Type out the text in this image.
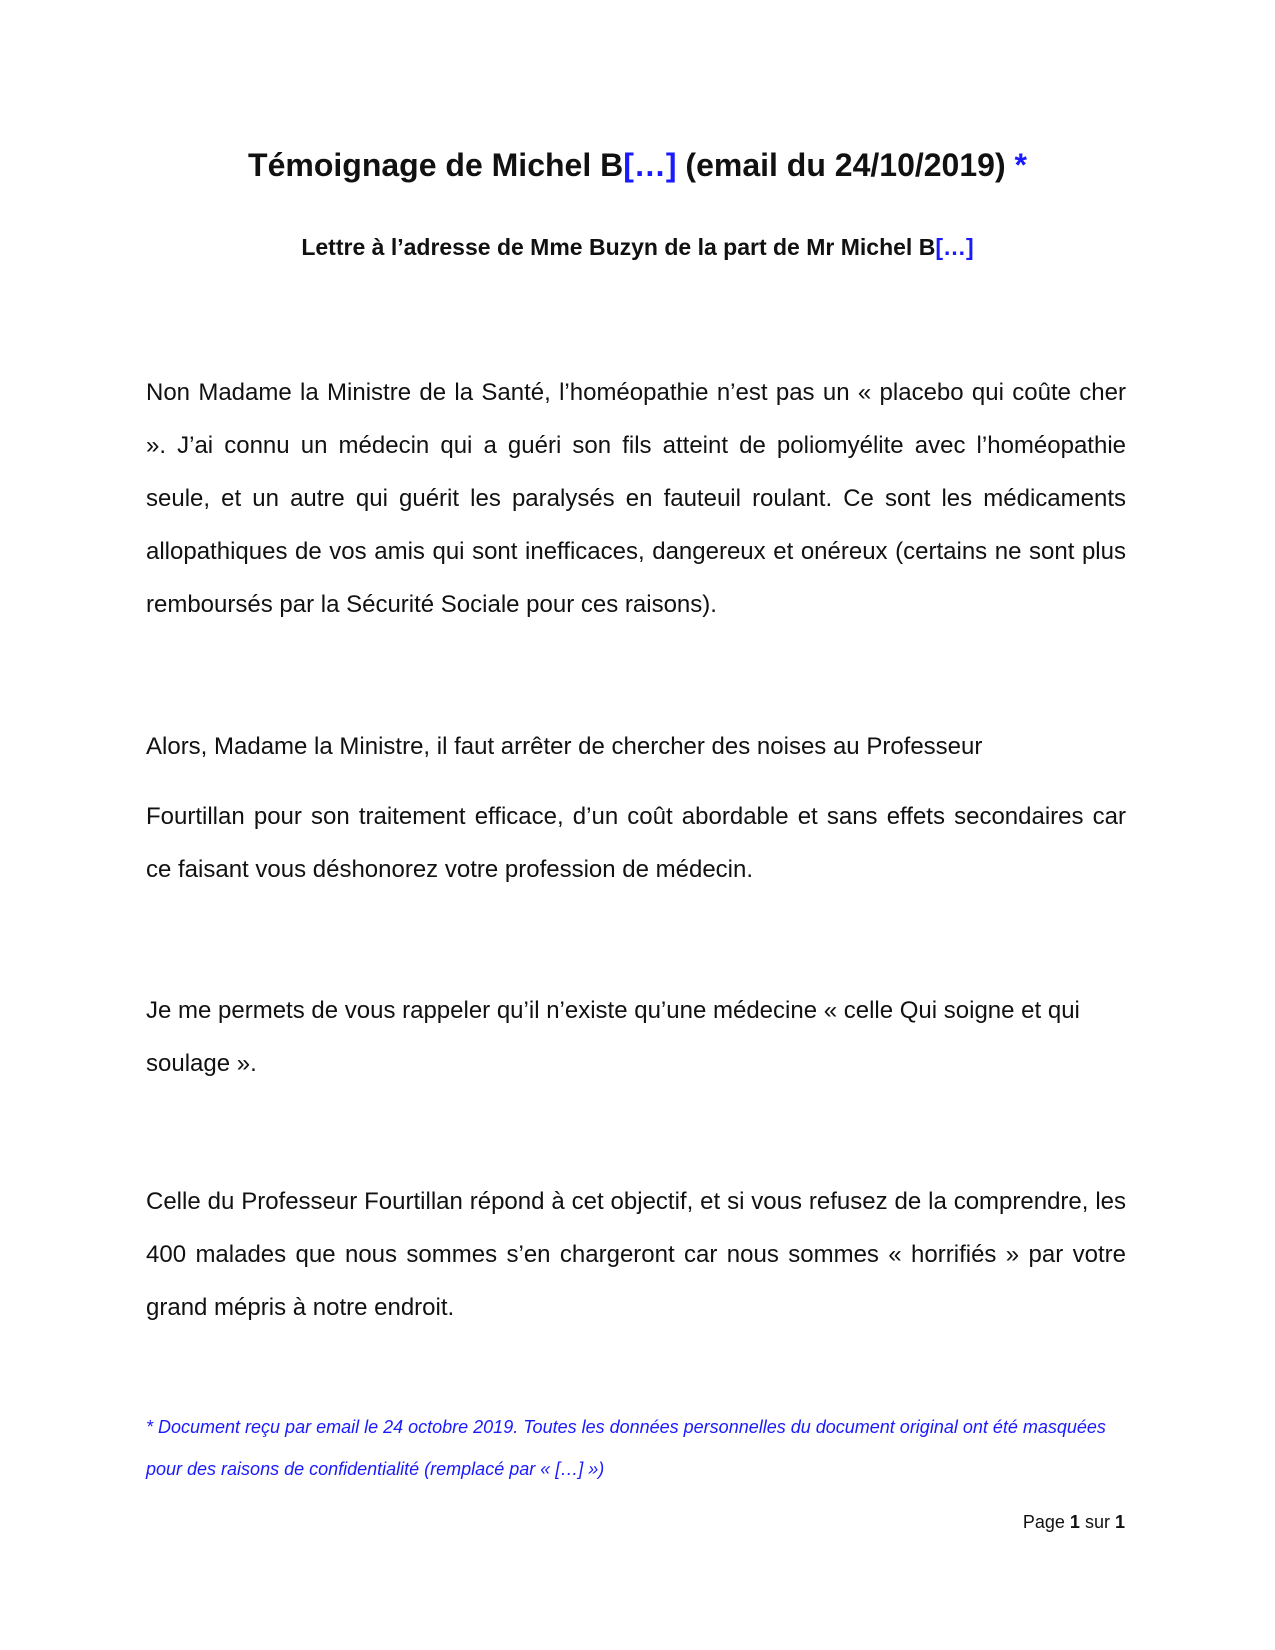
Témoignage de Michel B[…] (email du 24/10/2019) *
Lettre à l’adresse de Mme Buzyn de la part de Mr Michel B[…]

Non Madame la Ministre de la Santé, l’homéopathie n’est pas un « placebo qui coûte cher ». J’ai connu un médecin qui a guéri son fils atteint de poliomyélite avec l’homéopathie seule, et un autre qui guérit les paralysés en fauteuil roulant. Ce sont les médicaments allopathiques de vos amis qui sont inefficaces, dangereux et onéreux (certains ne sont plus remboursés par la Sécurité Sociale pour ces raisons).

Alors, Madame la Ministre, il faut arrêter de chercher des noises au Professeur

Fourtillan pour son traitement efficace, d’un coût abordable et sans effets secondaires car ce faisant vous déshonorez votre profession de médecin.

Je me permets de vous rappeler qu’il n’existe qu’une médecine « celle Qui soigne et qui soulage ».

Celle du Professeur Fourtillan répond à cet objectif, et si vous refusez de la comprendre, les 400 malades que nous sommes s’en chargeront car nous sommes « horrifiés » par votre grand mépris à notre endroit.

* Document reçu par email le 24 octobre 2019. Toutes les données personnelles du document original ont été masquées pour des raisons de confidentialité (remplacé par « […] »)

Page 1 sur 1
